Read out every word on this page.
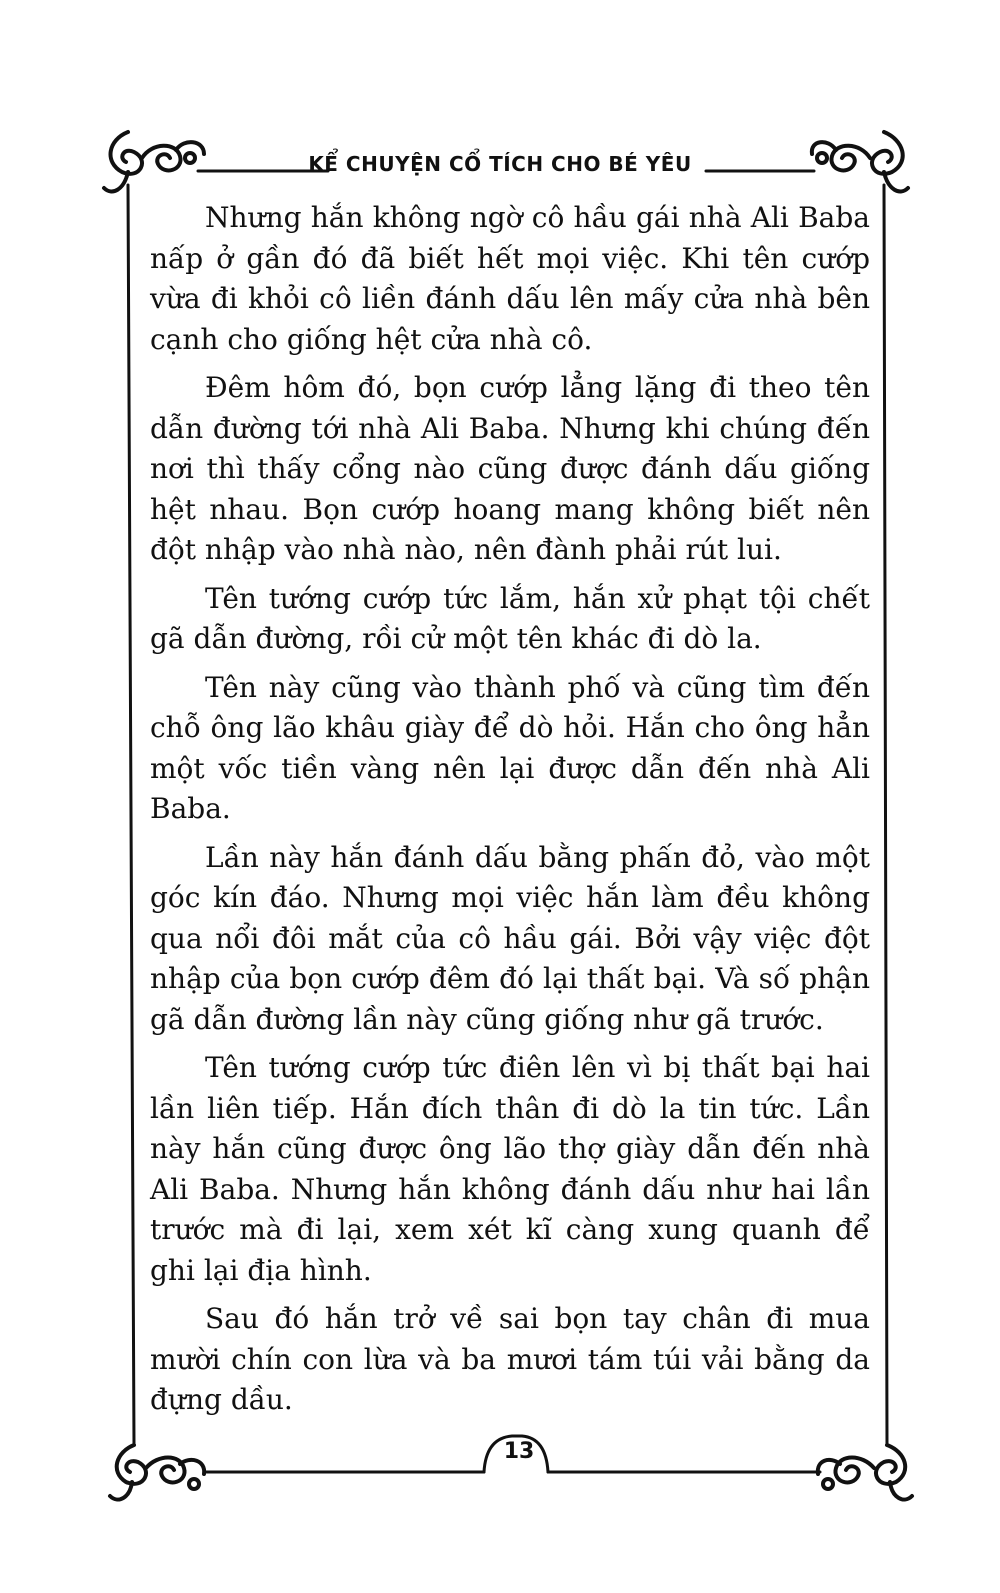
KỂ CHUYỆN CỔ TÍCH CHO BÉ YÊU

Nhưng hắn không ngờ cô hầu gái nhà Ali Baba nấp ở gần đó đã biết hết mọi việc. Khi tên cướp vừa đi khỏi cô liền đánh dấu lên mấy cửa nhà bên cạnh cho giống hệt cửa nhà cô.

Đêm hôm đó, bọn cướp lẳng lặng đi theo tên dẫn đường tới nhà Ali Baba. Nhưng khi chúng đến nơi thì thấy cổng nào cũng được đánh dấu giống hệt nhau. Bọn cướp hoang mang không biết nên đột nhập vào nhà nào, nên đành phải rút lui.

Tên tướng cướp tức lắm, hắn xử phạt tội chết gã dẫn đường, rồi cử một tên khác đi dò la.

Tên này cũng vào thành phố và cũng tìm đến chỗ ông lão khâu giày để dò hỏi. Hắn cho ông hẳn một vốc tiền vàng nên lại được dẫn đến nhà Ali Baba.

Lần này hắn đánh dấu bằng phấn đỏ, vào một góc kín đáo. Nhưng mọi việc hắn làm đều không qua nổi đôi mắt của cô hầu gái. Bởi vậy việc đột nhập của bọn cướp đêm đó lại thất bại. Và số phận gã dẫn đường lần này cũng giống như gã trước.

Tên tướng cướp tức điên lên vì bị thất bại hai lần liên tiếp. Hắn đích thân đi dò la tin tức. Lần này hắn cũng được ông lão thợ giày dẫn đến nhà Ali Baba. Nhưng hắn không đánh dấu như hai lần trước mà đi lại, xem xét kĩ càng xung quanh để ghi lại địa hình.

Sau đó hắn trở về sai bọn tay chân đi mua mười chín con lừa và ba mươi tám túi vải bằng da đựng dầu.

13
